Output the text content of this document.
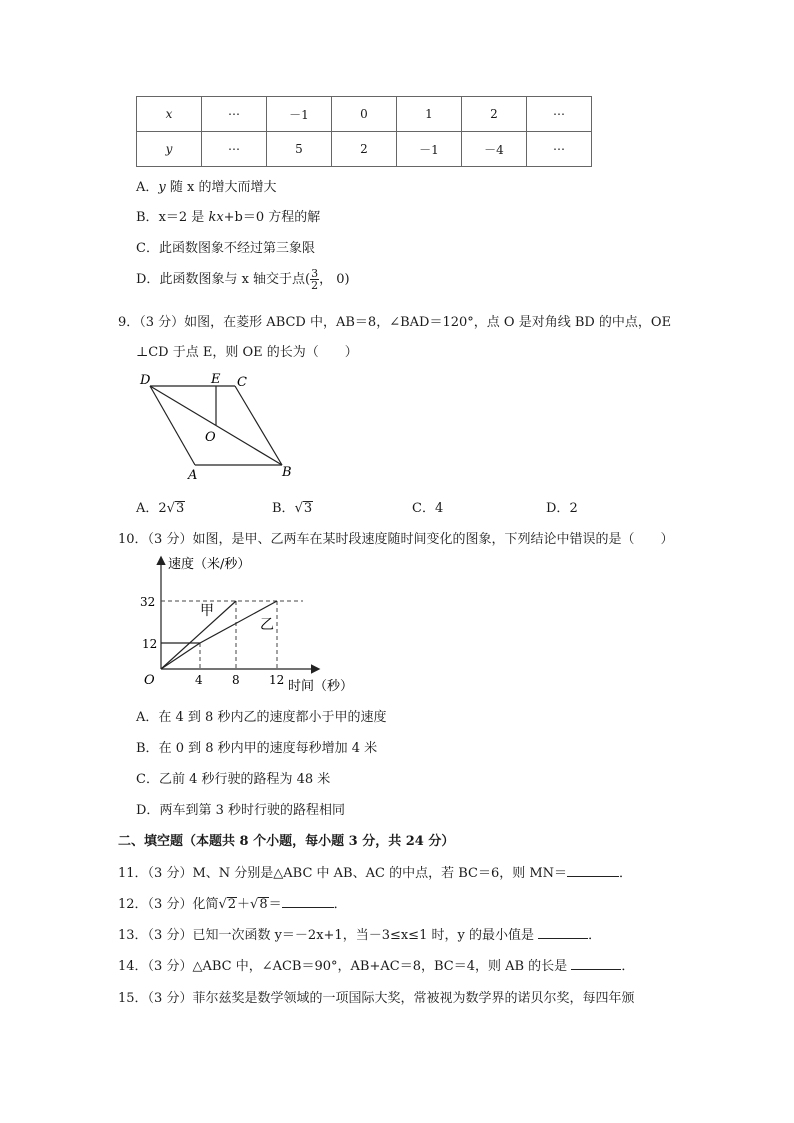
x	⋯	－1	0	1	2	⋯
y	⋯	5	2	－1	－4	⋯
A．y 随 x 的增大而增大
B．x＝2 是 kx+b＝0 方程的解
C．此函数图象不经过第三象限
D．此函数图象与 x 轴交于点( $\frac{3}{2}$ ， 0)
9．（3 分）如图，在菱形 ABCD 中，AB＝8，∠BAD＝120°，点 O 是对角线 BD 的中点，OE
⊥CD 于点 E，则 OE 的长为（　　）
D	E C
O
A	B
A．2√3	B．√3	C．4	D．2
10．（3 分）如图，是甲、乙两车在某时段速度随时间变化的图象，下列结论中错误的是（　　）
速度（米/秒）
时间（秒）
O
32
12
4 8 12
甲
乙
A．在 4 到 8 秒内乙的速度都小于甲的速度
B．在 0 到 8 秒内甲的速度每秒增加 4 米
C．乙前 4 秒行驶的路程为 48 米
D．两车到第 3 秒时行驶的路程相同
二、填空题（本题共 8 个小题，每小题 3 分，共 24 分）
11．（3 分）M、N 分别是△ABC 中 AB、AC 的中点，若 BC＝6，则 MN＝	．
12．（3 分）化简√2＋√8＝	．
13．（3 分）已知一次函数 y＝－2x+1，当－3≤x≤1 时，y 的最小值是	．
14．（3 分）△ABC 中，∠ACB＝90°，AB+AC＝8，BC＝4，则 AB 的长是	．
15．（3 分）菲尔兹奖是数学领域的一项国际大奖，常被视为数学界的诺贝尔奖，每四年颁
